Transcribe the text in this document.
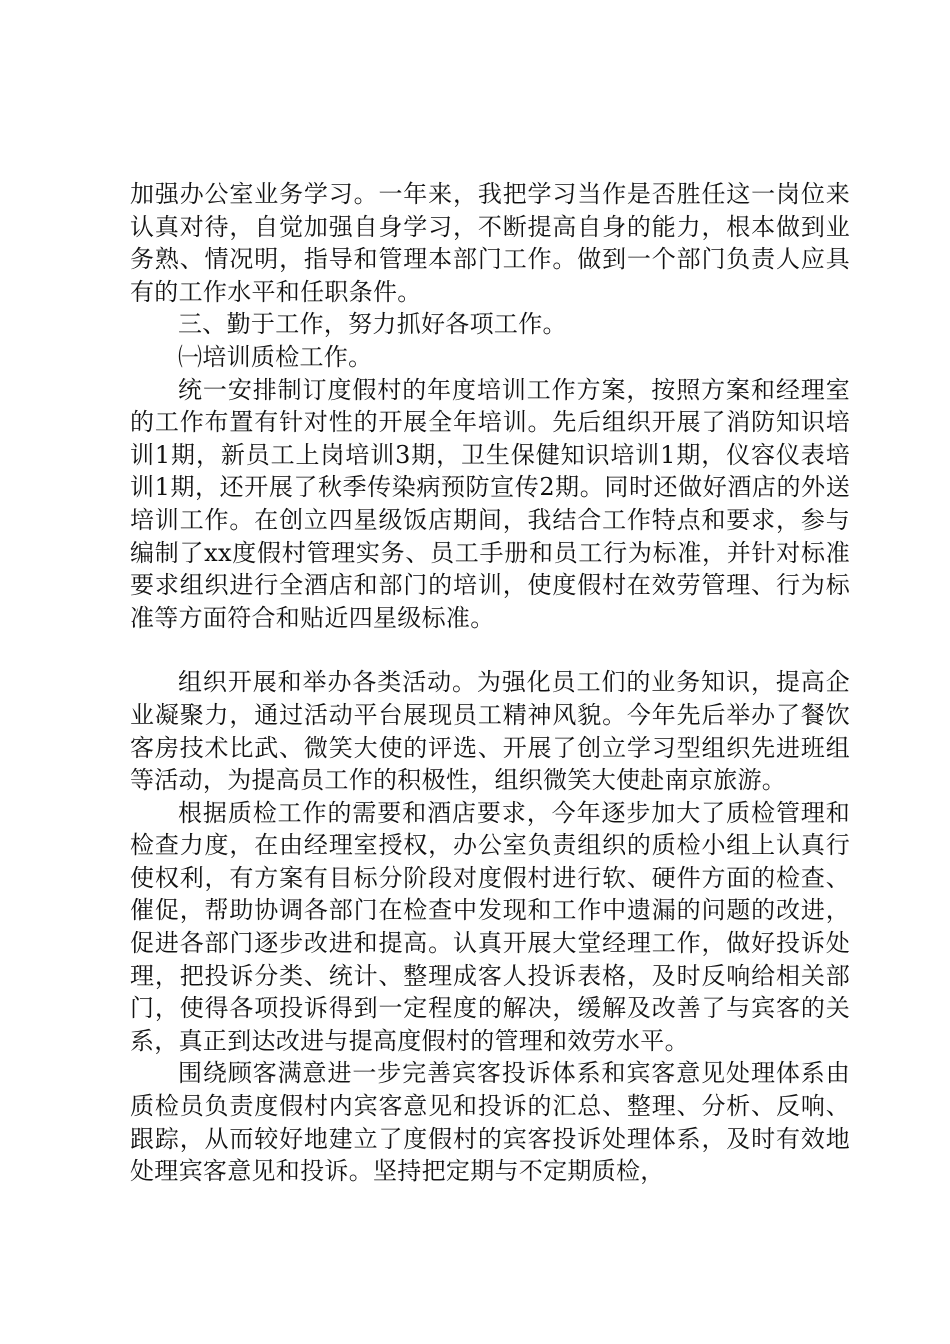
加强办公室业务学习。一年来，我把学习当作是否胜任这一岗位来认真对待，自觉加强自身学习，不断提高自身的能力，根本做到业务熟、情况明，指导和管理本部门工作。做到一个部门负责人应具有的工作水平和任职条件。

三、勤于工作，努力抓好各项工作。

㈠培训质检工作。

统一安排制订度假村的年度培训工作方案，按照方案和经理室的工作布置有针对性的开展全年培训。先后组织开展了消防知识培训1期，新员工上岗培训3期，卫生保健知识培训1期，仪容仪表培训1期，还开展了秋季传染病预防宣传2期。同时还做好酒店的外送培训工作。在创立四星级饭店期间，我结合工作特点和要求，参与编制了xx度假村管理实务、员工手册和员工行为标准，并针对标准要求组织进行全酒店和部门的培训，使度假村在效劳管理、行为标准等方面符合和贴近四星级标准。

组织开展和举办各类活动。为强化员工们的业务知识，提高企业凝聚力，通过活动平台展现员工精神风貌。今年先后举办了餐饮客房技术比武、微笑大使的评选、开展了创立学习型组织先进班组等活动，为提高员工作的积极性，组织微笑大使赴南京旅游。

根据质检工作的需要和酒店要求，今年逐步加大了质检管理和检查力度，在由经理室授权，办公室负责组织的质检小组上认真行使权利，有方案有目标分阶段对度假村进行软、硬件方面的检查、催促，帮助协调各部门在检查中发现和工作中遗漏的问题的改进，促进各部门逐步改进和提高。认真开展大堂经理工作，做好投诉处理，把投诉分类、统计、整理成客人投诉表格，及时反响给相关部门，使得各项投诉得到一定程度的解决，缓解及改善了与宾客的关系，真正到达改进与提高度假村的管理和效劳水平。

围绕顾客满意进一步完善宾客投诉体系和宾客意见处理体系由质检员负责度假村内宾客意见和投诉的汇总、整理、分析、反响、跟踪，从而较好地建立了度假村的宾客投诉处理体系，及时有效地处理宾客意见和投诉。坚持把定期与不定期质检，
